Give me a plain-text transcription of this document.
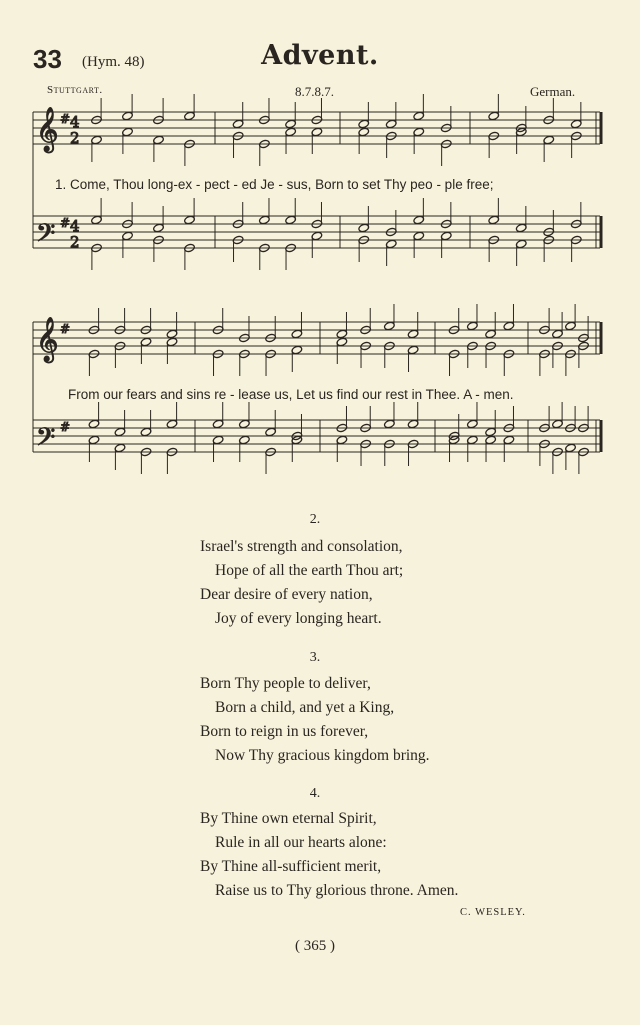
33 (Hym. 48)	Advent.
Stuttgart.	8.7.8.7.	German.
𝄞 # 4
2
𝄢 # 4
2
𝄞 #
𝄢 #
1. Come, Thou long-ex - pect - ed Je - sus, Born to set Thy peo - ple free;
From our fears and sins re - lease us, Let us find our rest in Thee. A - men.
2.
Israel's strength and consolation,
Hope of all the earth Thou art;
Dear desire of every nation,
Joy of every longing heart.
3.
Born Thy people to deliver,
Born a child, and yet a King,
Born to reign in us forever,
Now Thy gracious kingdom bring.
4.
By Thine own eternal Spirit,
Rule in all our hearts alone:
By Thine all-sufficient merit,
Raise us to Thy glorious throne. Amen.
C. WESLEY.
( 365 )
